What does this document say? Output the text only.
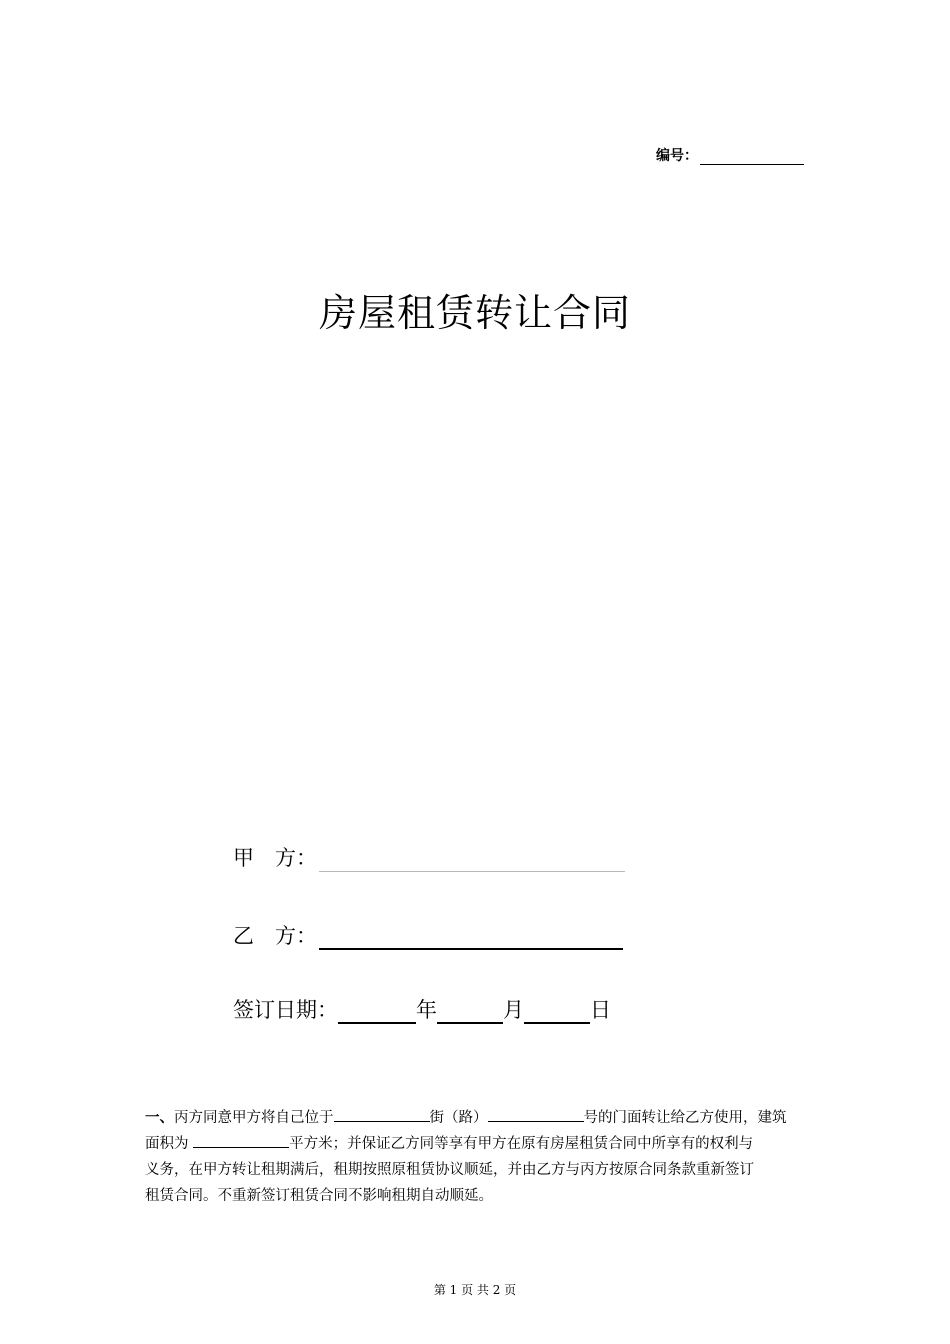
编号：
房屋租赁转让合同
甲　方：
乙　方：
签订日期：	年	月	日
一、丙方同意甲方将自己位于	街（路）	号的门面转让给乙方使用，建筑
面积为	平方米；并保证乙方同等享有甲方在原有房屋租赁合同中所享有的权利与
义务，在甲方转让租期满后，租期按照原租赁协议顺延，并由乙方与丙方按原合同条款重新签订
租赁合同。不重新签订租赁合同不影响租期自动顺延。
第 1 页 共 2 页
